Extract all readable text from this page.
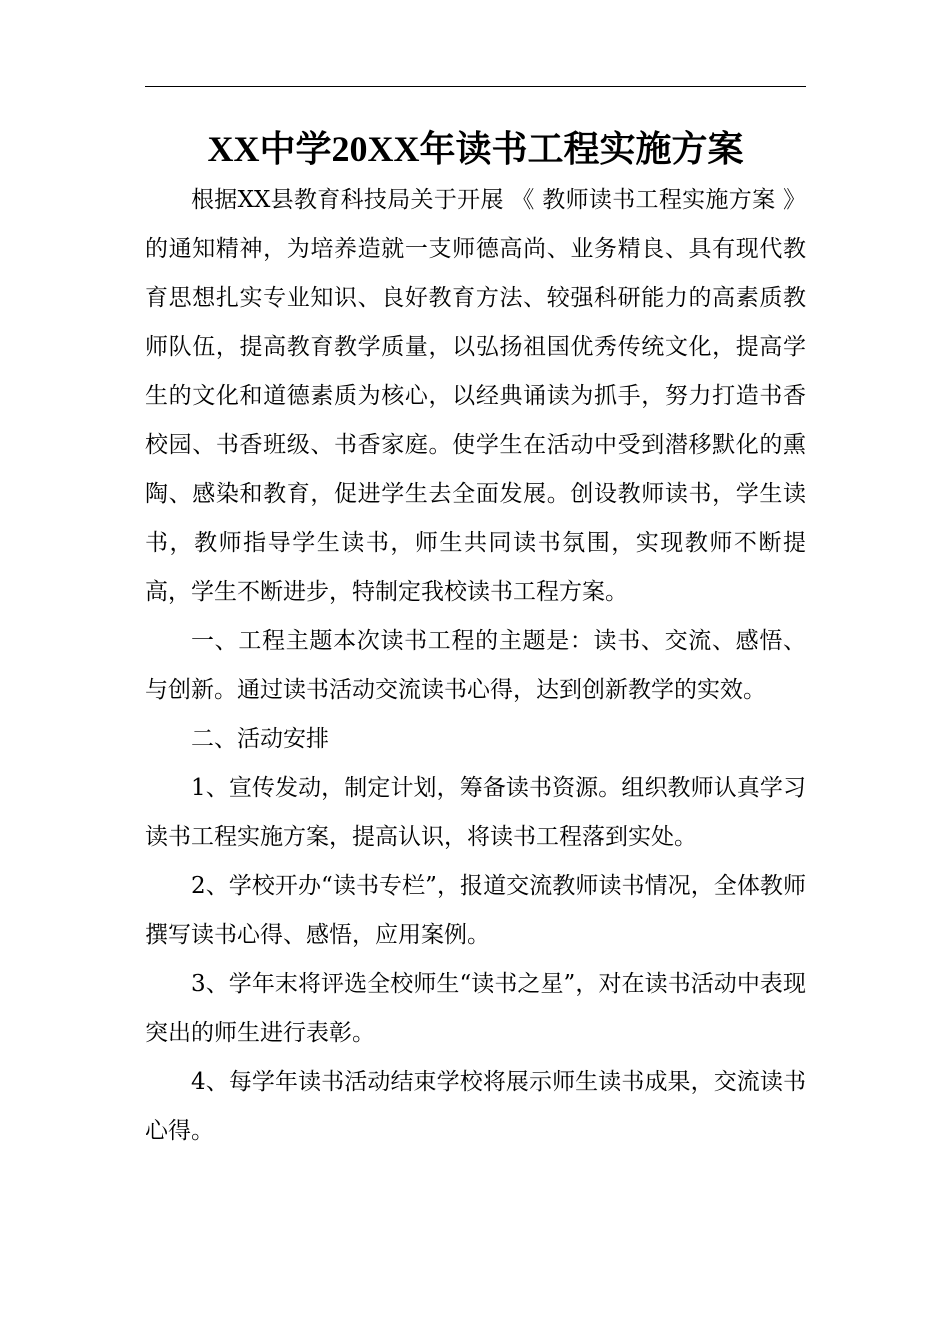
XX中学20XX年读书工程实施方案

根据XX县教育科技局关于开展 《 教师读书工程实施方案 》 的通知精神，为培养造就一支师德高尚、业务精良、具有现代教育思想扎实专业知识、良好教育方法、较强科研能力的高素质教师队伍，提高教育教学质量，以弘扬祖国优秀传统文化，提高学生的文化和道德素质为核心，以经典诵读为抓手，努力打造书香校园、书香班级、书香家庭。使学生在活动中受到潜移默化的熏陶、感染和教育，促进学生去全面发展。创设教师读书，学生读书，教师指导学生读书，师生共同读书氛围，实现教师不断提高，学生不断进步，特制定我校读书工程方案。

一、工程主题本次读书工程的主题是：读书、交流、感悟、与创新。通过读书活动交流读书心得，达到创新教学的实效。

二、活动安排

1、宣传发动，制定计划，筹备读书资源。组织教师认真学习读书工程实施方案，提高认识，将读书工程落到实处。

2、学校开办“读书专栏”，报道交流教师读书情况，全体教师撰写读书心得、感悟，应用案例。

3、学年末将评选全校师生“读书之星”，对在读书活动中表现突出的师生进行表彰。

4、每学年读书活动结束学校将展示师生读书成果，交流读书心得。
